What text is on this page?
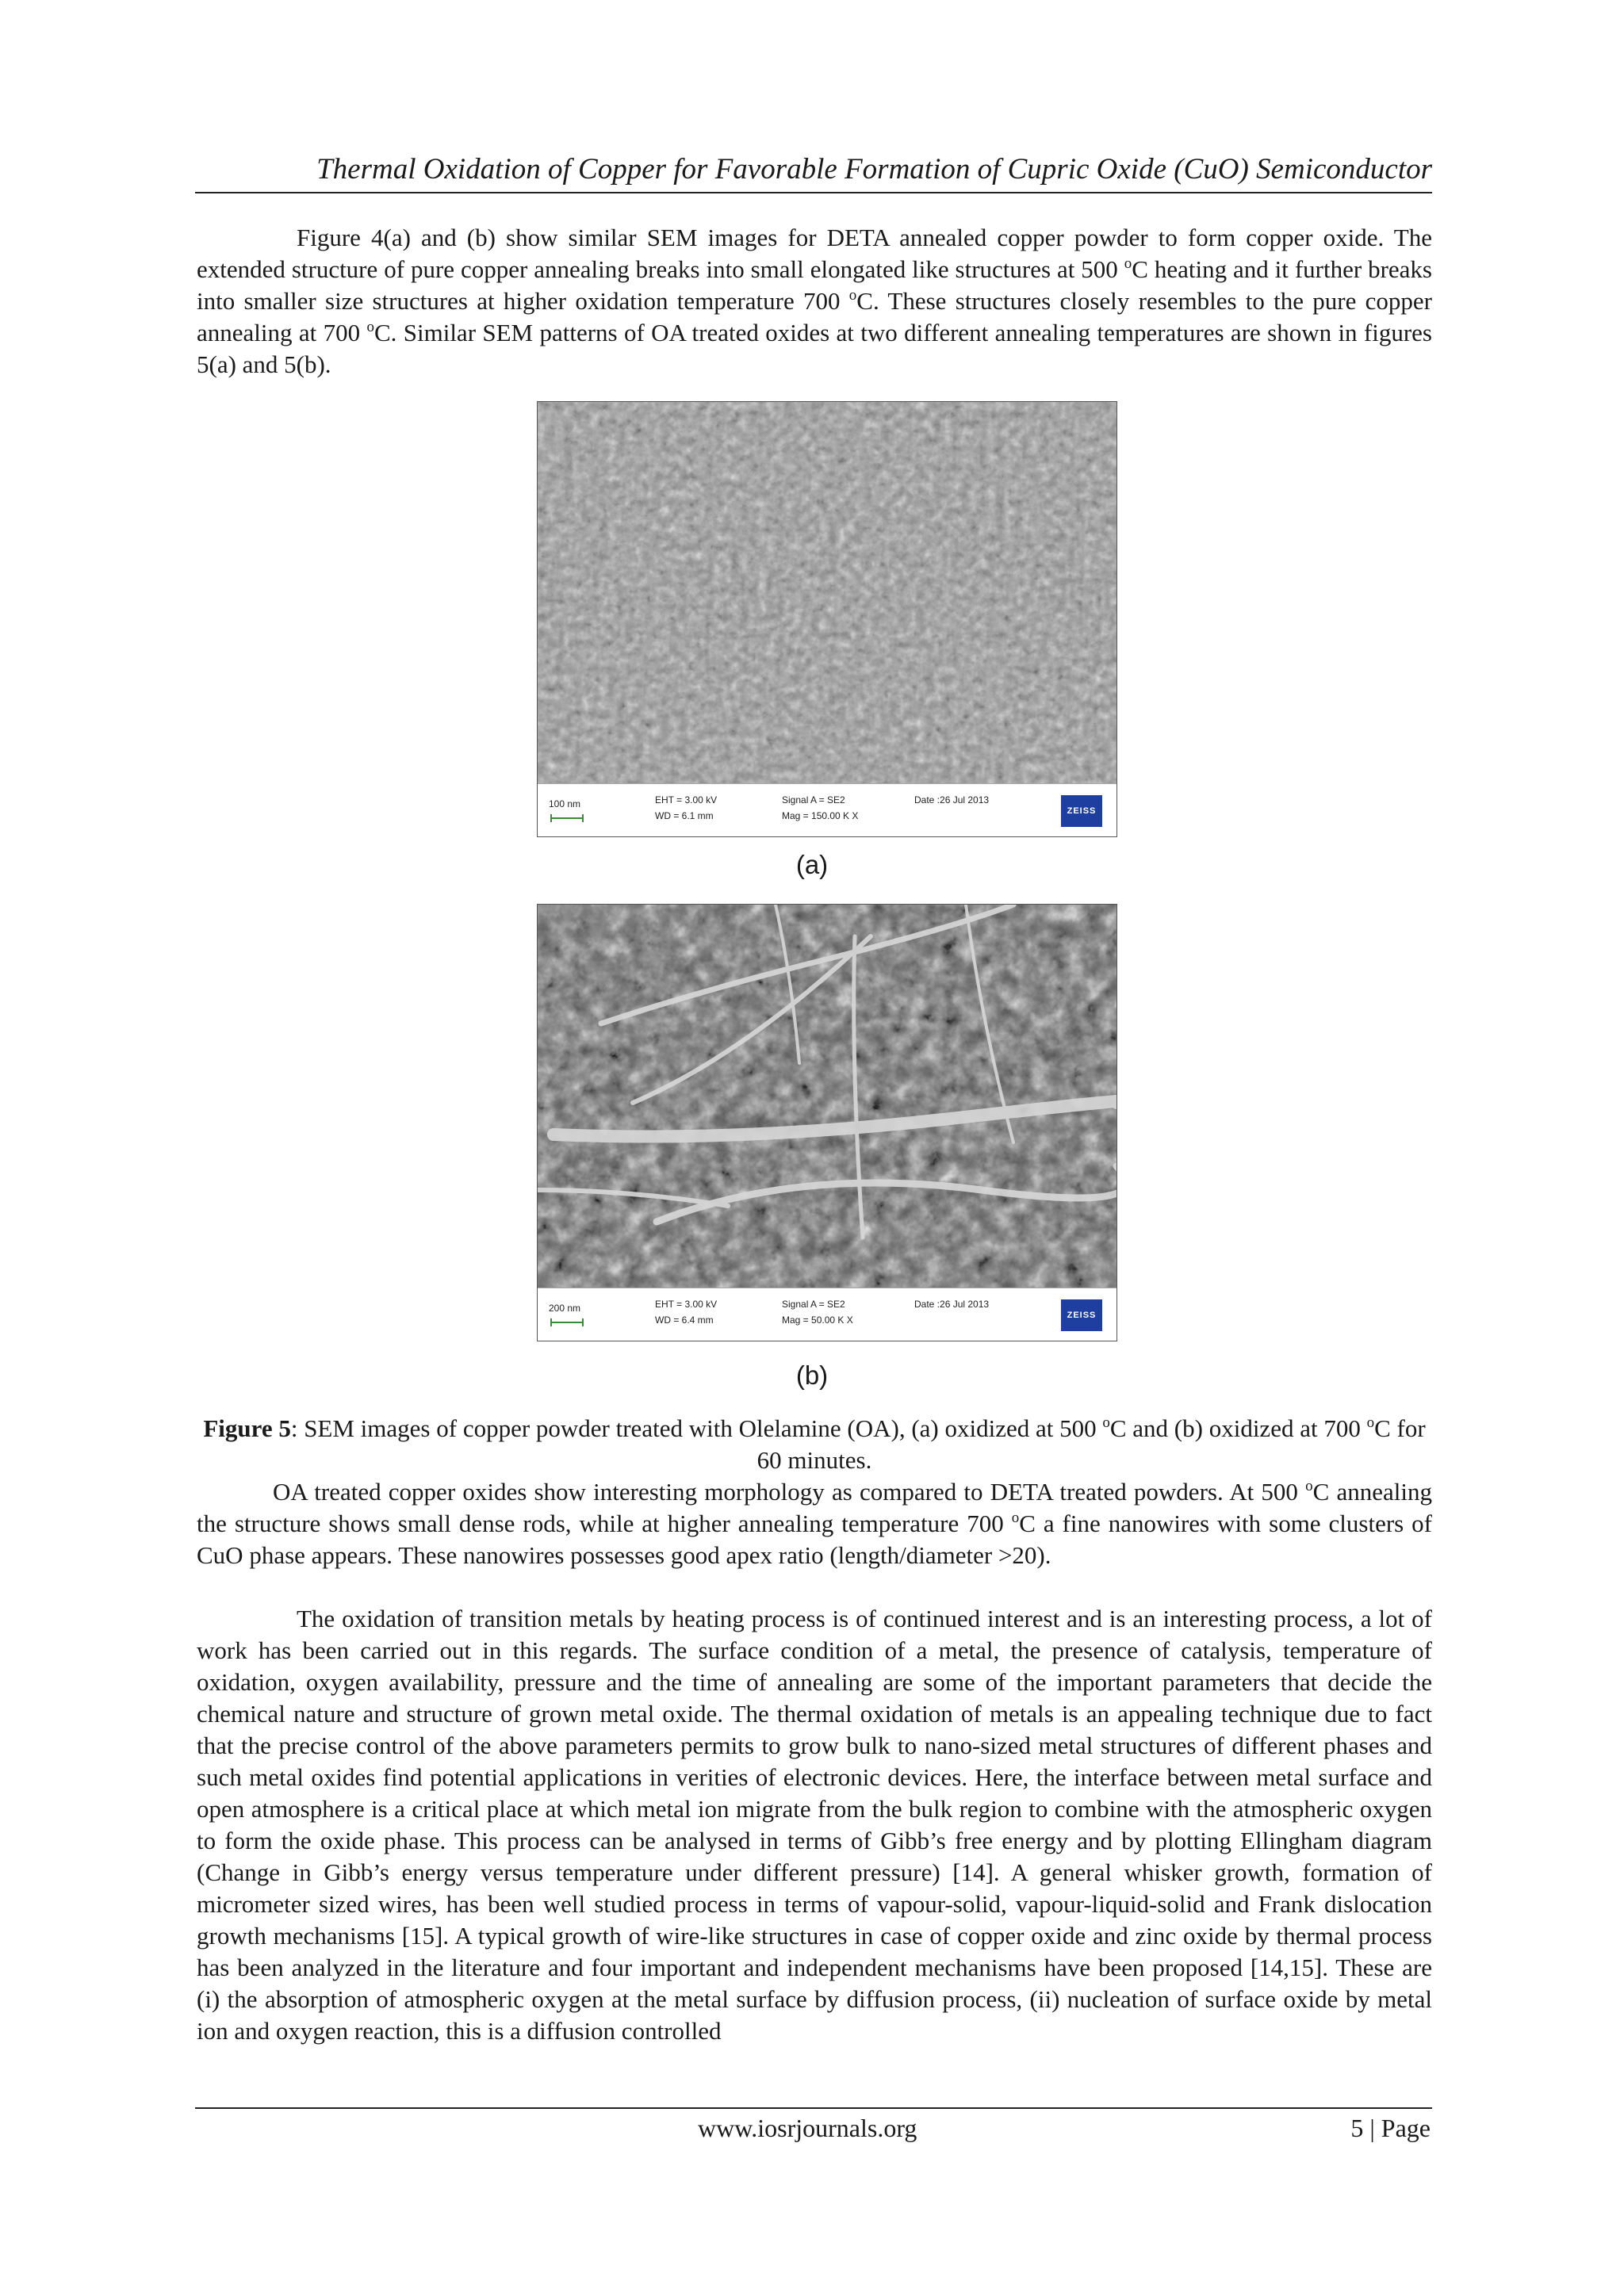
Thermal Oxidation of Copper for Favorable Formation of Cupric Oxide (CuO) Semiconductor

Figure 4(a) and (b) show similar SEM images for DETA annealed copper powder to form copper oxide. The extended structure of pure copper annealing breaks into small elongated like structures at 500 $^o$C heating and it further breaks into smaller size structures at higher oxidation temperature 700 $^o$C. These structures closely resembles to the pure copper annealing at 700 $^o$C. Similar SEM patterns of OA treated oxides at two different annealing temperatures are shown in figures 5(a) and 5(b).

100 nm	EHT = 3.00 kV
WD = 6.1 mm
Signal A = SE2
Mag = 150.00 K X
Date :26 Jul 2013
ZEISS
(a)
200 nm	EHT = 3.00 kV
WD = 6.4 mm
Signal A = SE2
Mag = 50.00 K X
Date :26 Jul 2013
ZEISS
(b)

Figure 5: SEM images of copper powder treated with Olelamine (OA), (a) oxidized at 500 $^o$C and (b) oxidized at 700 $^o$C for 60 minutes.

OA treated copper oxides show interesting morphology as compared to DETA treated powders. At 500 $^o$C annealing the structure shows small dense rods, while at higher annealing temperature 700 $^o$C a fine nanowires with some clusters of CuO phase appears. These nanowires possesses good apex ratio (length/diameter >20).

The oxidation of transition metals by heating process is of continued interest and is an interesting process, a lot of work has been carried out in this regards. The surface condition of a metal, the presence of catalysis, temperature of oxidation, oxygen availability, pressure and the time of annealing are some of the important parameters that decide the chemical nature and structure of grown metal oxide. The thermal oxidation of metals is an appealing technique due to fact that the precise control of the above parameters permits to grow bulk to nano-sized metal structures of different phases and such metal oxides find potential applications in verities of electronic devices. Here, the interface between metal surface and open atmosphere is a critical place at which metal ion migrate from the bulk region to combine with the atmospheric oxygen to form the oxide phase. This process can be analysed in terms of Gibb’s free energy and by plotting Ellingham diagram (Change in Gibb’s energy versus temperature under different pressure) [14]. A general whisker growth, formation of micrometer sized wires, has been well studied process in terms of vapour-solid, vapour-liquid-solid and Frank dislocation growth mechanisms [15]. A typical growth of wire-like structures in case of copper oxide and zinc oxide by thermal process has been analyzed in the literature and four important and independent mechanisms have been proposed [14,15]. These are (i) the absorption of atmospheric oxygen at the metal surface by diffusion process, (ii) nucleation of surface oxide by metal ion and oxygen reaction, this is a diffusion controlled

www.iosrjournals.org	5 | Page
